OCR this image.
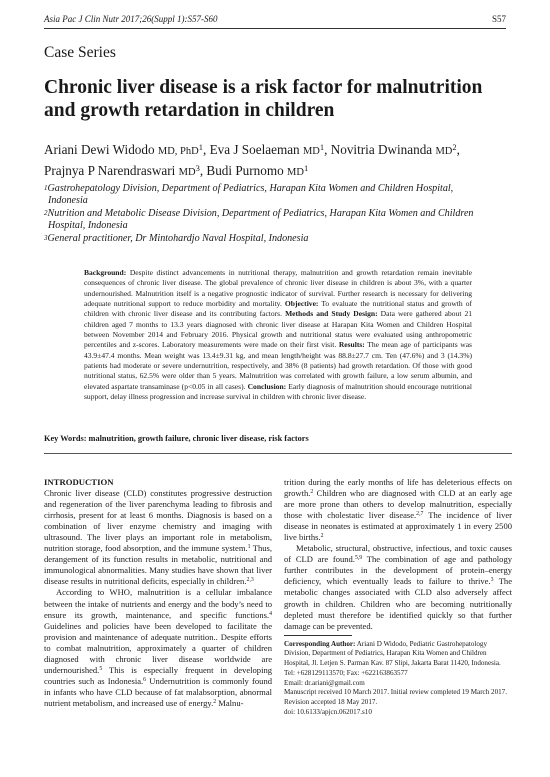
Asia Pac J Clin Nutr 2017;26(Suppl 1):S57-S60	S57
Case Series
Chronic liver disease is a risk factor for malnutrition and growth retardation in children
Ariani Dewi Widodo MD, PhD$^1$, Eva J Soelaeman $MD^1$, Novitria Dwinanda $MD^2$,
Prajnya P Narendraswari $MD^3$, Budi Purnomo $MD^1$
$^1$Gastrohepatology Division, Department of Pediatrics, Harapan Kita Women and Children Hospital,
Indonesia
$^2$Nutrition and Metabolic Disease Division, Department of Pediatrics, Harapan Kita Women and Children
Hospital, Indonesia
$^3$General practitioner, Dr Mintohardjo Naval Hospital, Indonesia
Background: Despite distinct advancements in nutritional therapy, malnutrition and growth retardation remain inevitable consequences of chronic liver disease. The global prevalence of chronic liver disease in children is about 3%, with a quarter undernourished. Malnutrition itself is a negative prognostic indicator of survival. Further research is necessary for delivering adequate nutritional support to reduce morbidity and mortality. Objective: To evaluate the nutritional status and growth of children with chronic liver disease and its contributing factors. Methods and Study Design: Data were gathered about 21 children aged 7 months to 13.3 years diagnosed with chronic liver disease at Harapan Kita Women and Children Hospital between November 2014 and February 2016. Physical growth and nutritional status were evaluated using anthropometric percentiles and z-scores. Laboratory measurements were made on their first visit. Results: The mean age of participants was 43.9±47.4 months. Mean weight was 13.4±9.31 kg, and mean length/height was 88.8±27.7 cm. Ten (47.6%) and 3 (14.3%) patients had moderate or severe undernutrition, respectively, and 38% (8 patients) had growth retardation. Of those with good nutritional status, 62.5% were older than 5 years. Malnutrition was correlated with growth failure, a low serum albumin, and elevated aspartate transaminase (p<0.05 in all cases). Conclusion: Early diagnosis of malnutrition should encourage nutritional support, delay illness progression and increase survival in children with chronic liver disease.
Key Words: malnutrition, growth failure, chronic liver disease, risk factors
INTRODUCTION

Chronic liver disease (CLD) constitutes progressive destruction and regeneration of the liver parenchyma leading to fibrosis and cirrhosis, present for at least 6 months. Diagnosis is based on a combination of liver enzyme chemistry and imaging with ultrasound. The liver plays an important role in metabolism, nutrition storage, food absorption, and the immune system.$^1$ Thus, derangement of its function results in metabolic, nutritional and immunological abnormalities. Many studies have shown that liver disease results in nutritional deficits, especially in children.$^{2,3}$

According to WHO, malnutrition is a cellular imbalance between the intake of nutrients and energy and the body’s need to ensure its growth, maintenance, and specific functions.$^4$ Guidelines and policies have been developed to facilitate the provision and maintenance of adequate nutrition.. Despite efforts to combat malnutrition, approximately a quarter of children diagnosed with chronic liver disease worldwide are undernourished.$^5$ This is especially frequent in developing countries such as Indonesia.$^6$ Undernutrition is commonly found in infants who have CLD because of fat malabsorption, abnormal nutrient metabolism, and increased use of energy.$^2$ Malnu-

trition during the early months of life has deleterious effects on growth.$^2$ Children who are diagnosed with CLD at an early age are more prone than others to develop malnutrition, especially those with cholestatic liver disease.$^{2,7}$ The incidence of liver disease in neonates is estimated at approximately 1 in every 2500 live births.$^2$

Metabolic, structural, obstructive, infectious, and toxic causes of CLD are found.$^{5,9}$ The combination of age and pathology further contributes in the development of protein–energy deficiency, which eventually leads to failure to thrive.$^3$ The metabolic changes associated with CLD also adversely affect growth in children. Children who are becoming nutritionally depleted must therefore be identified quickly so that further damage can be prevented.

Corresponding Author: Ariani D Widodo, Pediatric Gastrohepatology Division, Department of Pediatrics, Harapan Kita Women and Children Hospital, Jl. Letjen S. Parman Kav. 87 Slipi, Jakarta Barat 11420, Indonesia.
Tel: +628129113570; Fax: +622163863577
Email: dr.ariani@gmail.com
Manuscript received 10 March 2017. Initial review completed 19 March 2017. Revision accepted 18 May 2017.
doi: 10.6133/apjcn.062017.s10
